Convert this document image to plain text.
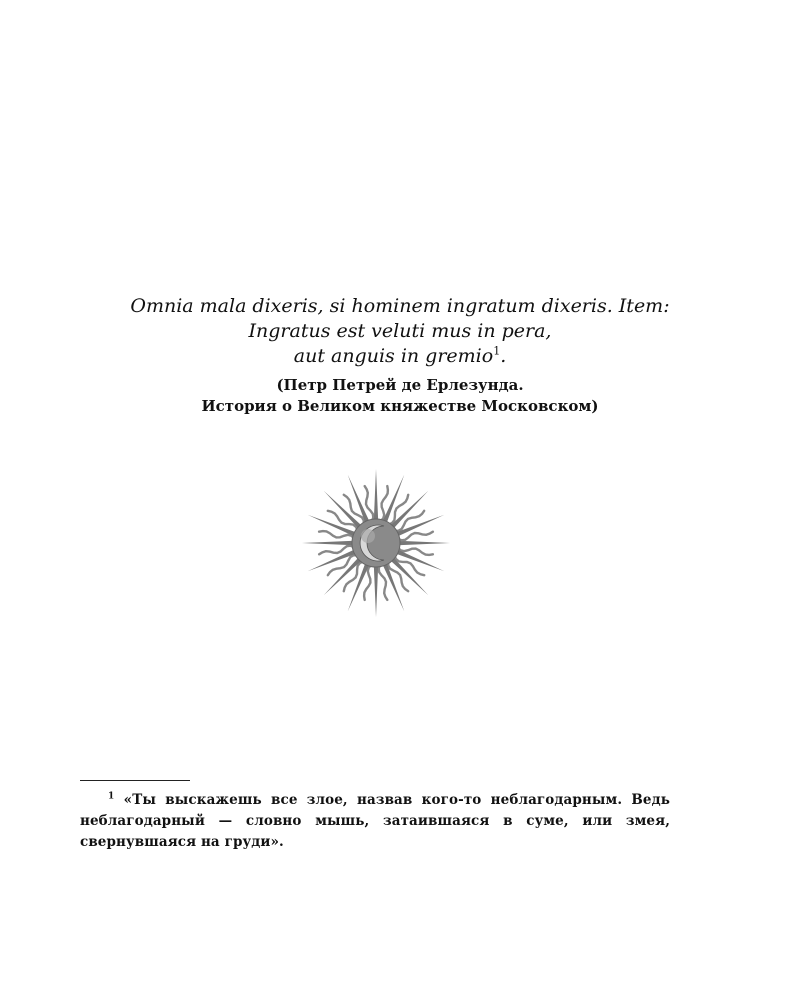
Omnia mala dixeris, si hominem ingratum dixeris. Item:
Ingratus est veluti mus in pera,
aut anguis in gremio$^1$.
(Петр Петрей де Ерлезунда.
История о Великом княжестве Московском)
$^1$ «Ты выскажешь все злое, назвав кого-то неблагодарным. Ведь неблагодарный — словно мышь, затаившаяся в суме, или змея, свернувшаяся на груди».
